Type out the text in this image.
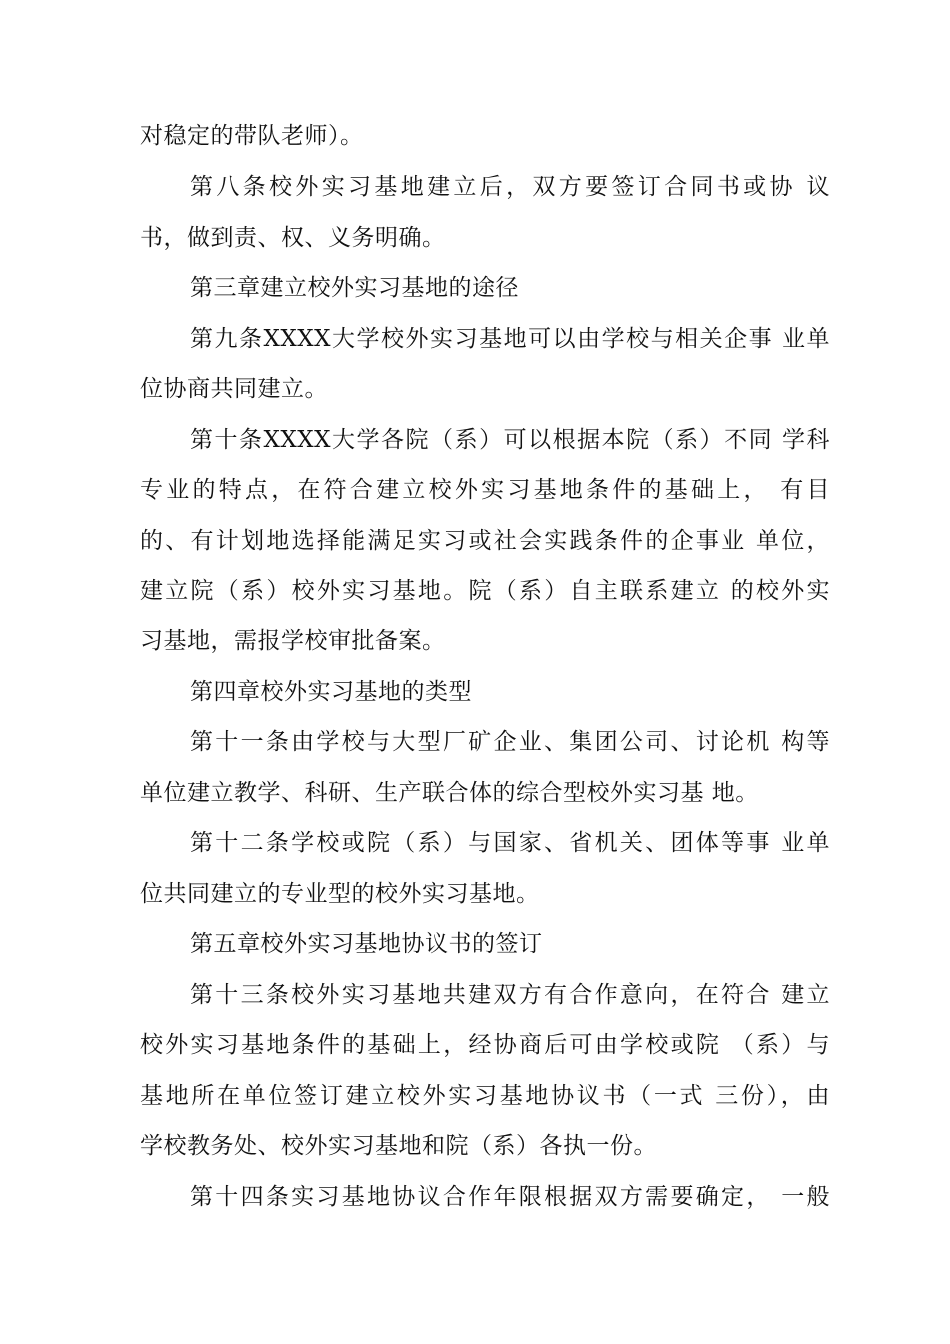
对稳定的带队老师）。
第八条校外实习基地建立后，双方要签订合同书或协 议
书，做到责、权、义务明确。
第三章建立校外实习基地的途径
第九条XXXX大学校外实习基地可以由学校与相关企事 业单
位协商共同建立。
第十条XXXX大学各院（系）可以根据本院（系）不同 学科
专业的特点，在符合建立校外实习基地条件的基础上， 有目
的、有计划地选择能满足实习或社会实践条件的企事业 单位，
建立院（系）校外实习基地。院（系）自主联系建立 的校外实
习基地，需报学校审批备案。
第四章校外实习基地的类型
第十一条由学校与大型厂矿企业、集团公司、讨论机 构等
单位建立教学、科研、生产联合体的综合型校外实习基 地。
第十二条学校或院（系）与国家、省机关、团体等事 业单
位共同建立的专业型的校外实习基地。
第五章校外实习基地协议书的签订
第十三条校外实习基地共建双方有合作意向，在符合 建立
校外实习基地条件的基础上，经协商后可由学校或院 （系）与
基地所在单位签订建立校外实习基地协议书（一式 三份），由
学校教务处、校外实习基地和院（系）各执一份。
第十四条实习基地协议合作年限根据双方需要确定， 一般
